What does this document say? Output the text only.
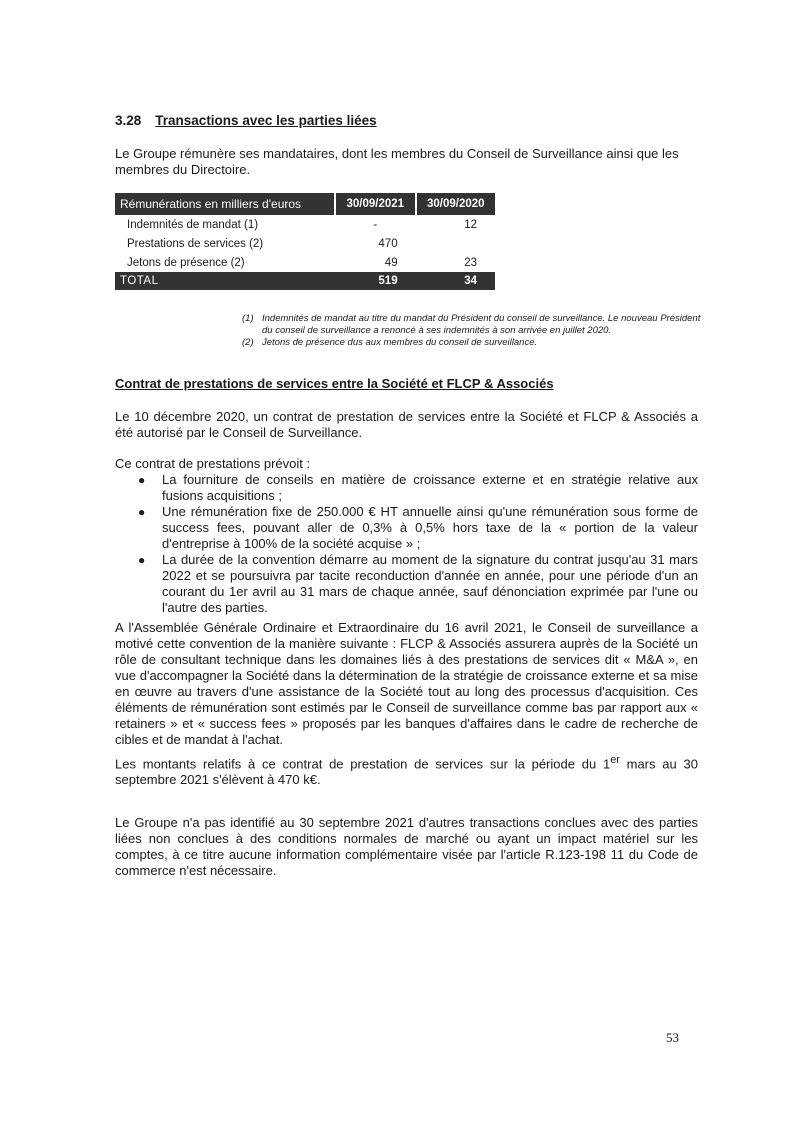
3.28 Transactions avec les parties liées

Le Groupe rémunère ses mandataires, dont les membres du Conseil de Surveillance ainsi que les membres du Directoire.

Rémunérations en milliers d'euros	30/09/2021	30/09/2020
Indemnités de mandat (1)	-	12
Prestations de services (2)	470	
Jetons de présence (2)	49	23
TOTAL	519	34
(1) Indemnités de mandat au titre du mandat du Président du conseil de surveillance. Le nouveau Président du conseil de surveillance a renoncé à ses indemnités à son arrivée en juillet 2020.
(2) Jetons de présence dus aux membres du conseil de surveillance.
Contrat de prestations de services entre la Société et FLCP & Associés

Le 10 décembre 2020, un contrat de prestation de services entre la Société et FLCP & Associés a été autorisé par le Conseil de Surveillance.

Ce contrat de prestations prévoit :

●	La fourniture de conseils en matière de croissance externe et en stratégie relative aux fusions acquisitions ;
●	Une rémunération fixe de 250.000 € HT annuelle ainsi qu'une rémunération sous forme de success fees, pouvant aller de 0,3% à 0,5% hors taxe de la « portion de la valeur d'entreprise à 100% de la société acquise » ;
●	La durée de la convention démarre au moment de la signature du contrat jusqu'au 31 mars 2022 et se poursuivra par tacite reconduction d'année en année, pour une période d'un an courant du 1er avril au 31 mars de chaque année, sauf dénonciation exprimée par l'une ou l'autre des parties.

A l'Assemblée Générale Ordinaire et Extraordinaire du 16 avril 2021, le Conseil de surveillance a motivé cette convention de la manière suivante : FLCP & Associés assurera auprès de la Société un rôle de consultant technique dans les domaines liés à des prestations de services dit « M&A », en vue d'accompagner la Société dans la détermination de la stratégie de croissance externe et sa mise en œuvre au travers d'une assistance de la Société tout au long des processus d'acquisition. Ces éléments de rémunération sont estimés par le Conseil de surveillance comme bas par rapport aux « retainers » et « success fees » proposés par les banques d'affaires dans le cadre de recherche de cibles et de mandat à l'achat.

Les montants relatifs à ce contrat de prestation de services sur la période du 1er mars au 30 septembre 2021 s'élèvent à 470 k€.

Le Groupe n'a pas identifié au 30 septembre 2021 d'autres transactions conclues avec des parties liées non conclues à des conditions normales de marché ou ayant un impact matériel sur les comptes, à ce titre aucune information complémentaire visée par l'article R.123-198 11 du Code de commerce n'est nécessaire.

53
